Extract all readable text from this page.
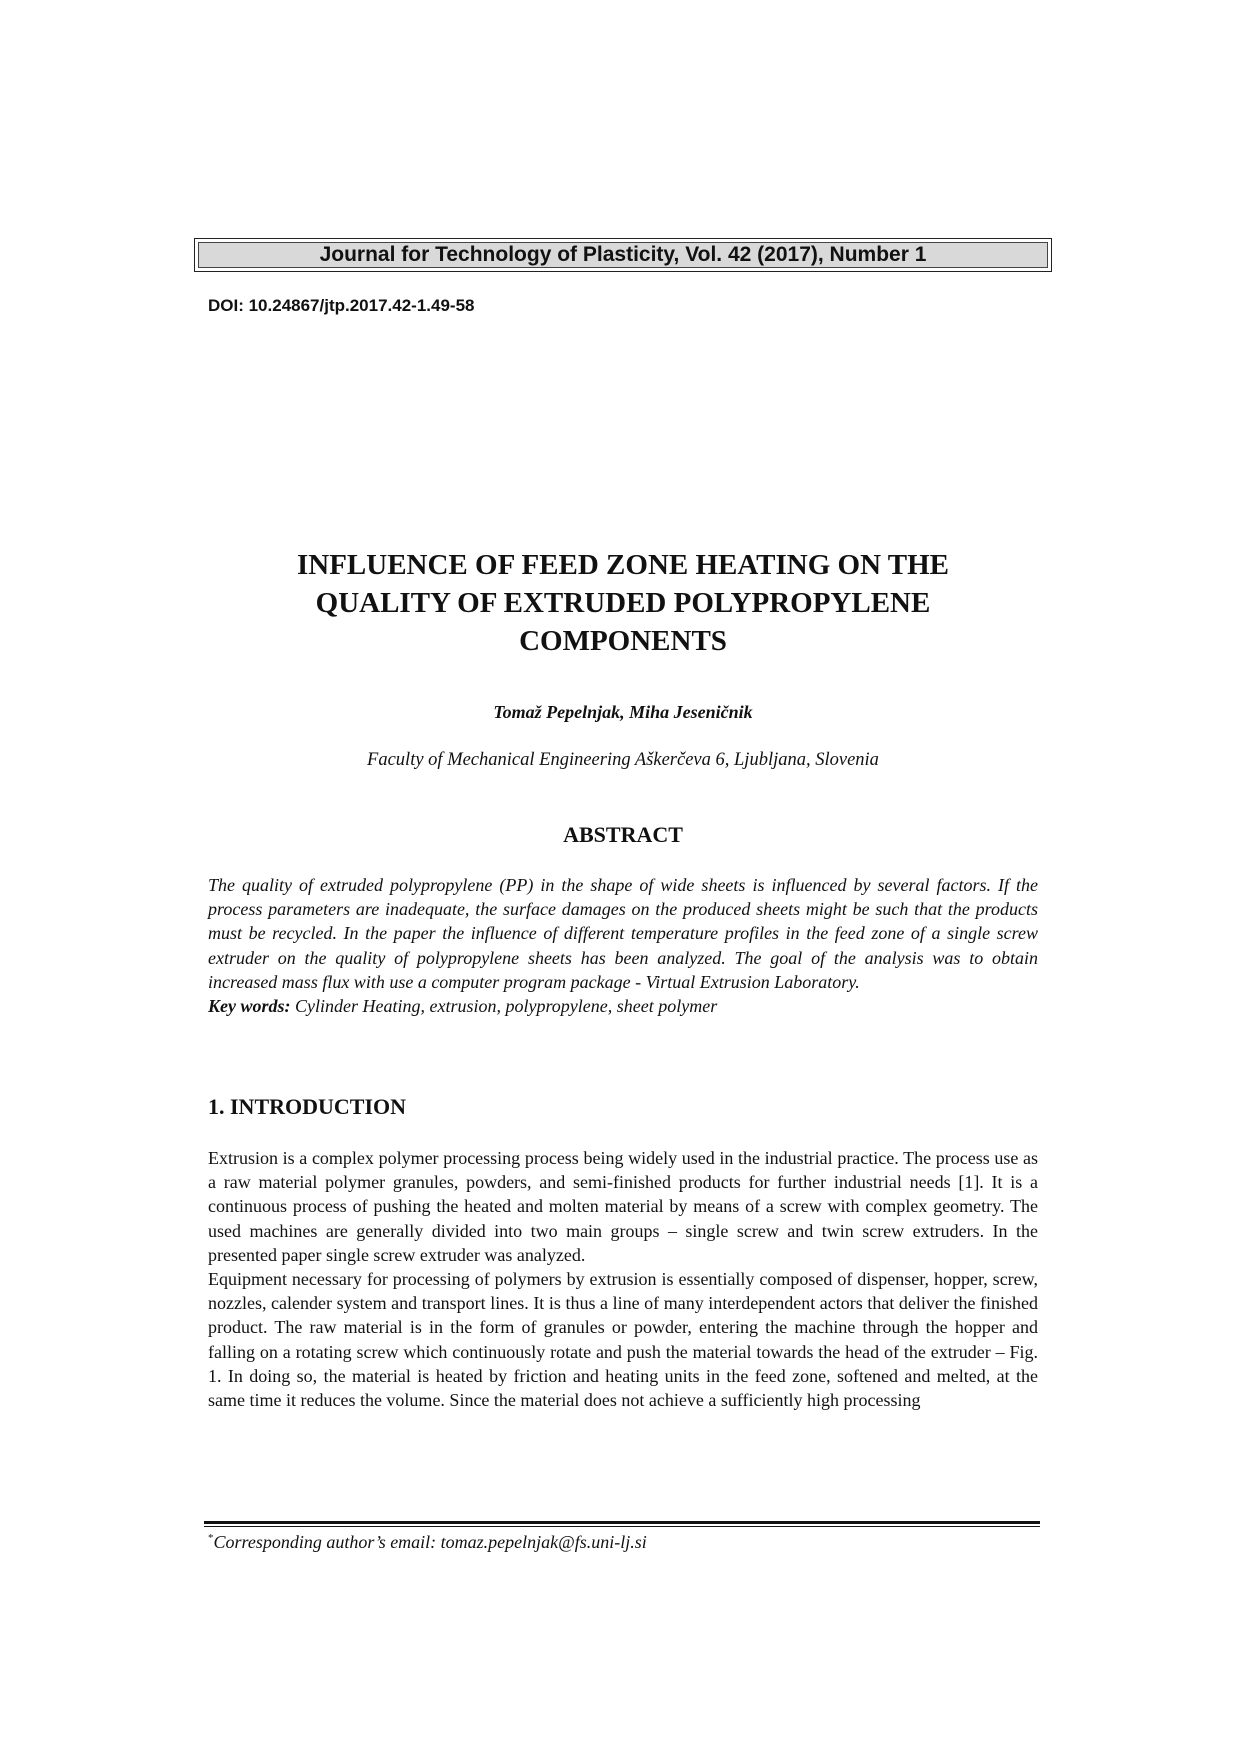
Journal for Technology of Plasticity, Vol. 42 (2017), Number 1
DOI: 10.24867/jtp.2017.42-1.49-58
INFLUENCE OF FEED ZONE HEATING ON THE
QUALITY OF EXTRUDED POLYPROPYLENE
COMPONENTS
Tomaž Pepelnjak, Miha Jeseničnik
Faculty of Mechanical Engineering Aškerčeva 6, Ljubljana, Slovenia
ABSTRACT

The quality of extruded polypropylene (PP) in the shape of wide sheets is influenced by several factors. If the process parameters are inadequate, the surface damages on the produced sheets might be such that the products must be recycled. In the paper the influence of different temperature profiles in the feed zone of a single screw extruder on the quality of polypropylene sheets has been analyzed. The goal of the analysis was to obtain increased mass flux with use a computer program package - Virtual Extrusion Laboratory.

Key words: Cylinder Heating, extrusion, polypropylene, sheet polymer

1. INTRODUCTION

Extrusion is a complex polymer processing process being widely used in the industrial practice. The process use as a raw material polymer granules, powders, and semi-finished products for further industrial needs [1]. It is a continuous process of pushing the heated and molten material by means of a screw with complex geometry. The used machines are generally divided into two main groups – single screw and twin screw extruders. In the presented paper single screw extruder was analyzed.

Equipment necessary for processing of polymers by extrusion is essentially composed of dispenser, hopper, screw, nozzles, calender system and transport lines. It is thus a line of many interdependent actors that deliver the finished product. The raw material is in the form of granules or powder, entering the machine through the hopper and falling on a rotating screw which continuously rotate and push the material towards the head of the extruder – Fig. 1. In doing so, the material is heated by friction and heating units in the feed zone, softened and melted, at the same time it reduces the volume. Since the material does not achieve a sufficiently high processing

*Corresponding author’s email: tomaz.pepelnjak@fs.uni-lj.si
